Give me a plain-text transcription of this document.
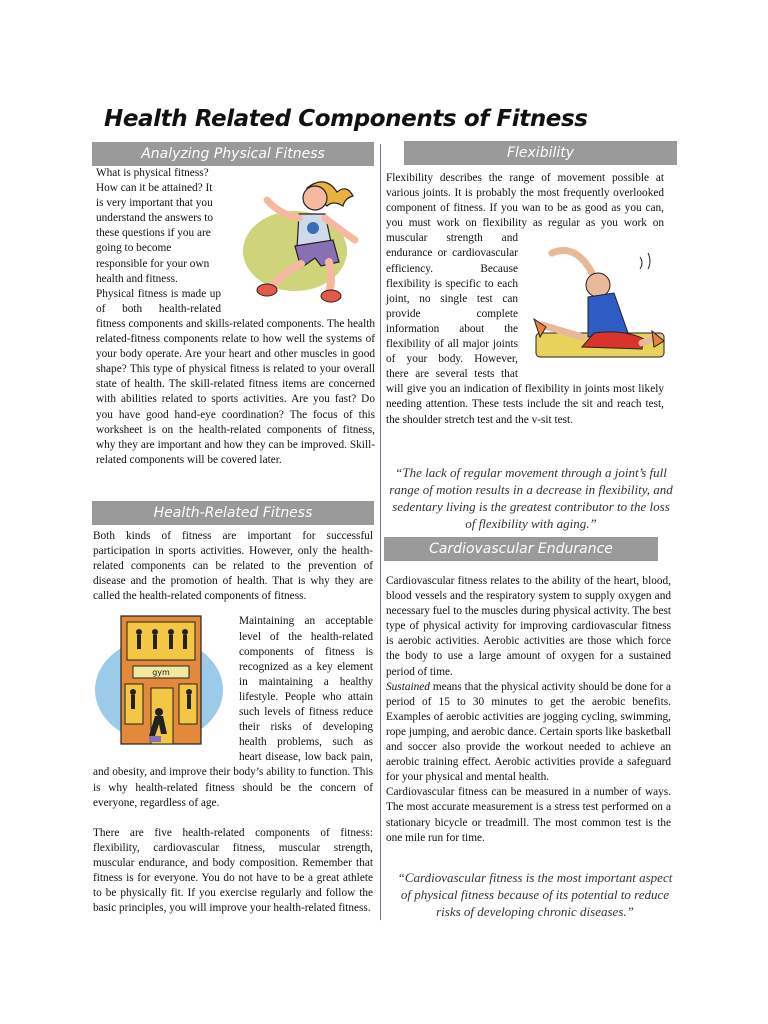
Health Related Components of Fitness
Analyzing Physical Fitness

What is physical fitness? How can it be attained? It is very important that you understand the answers to these questions if you are going to become responsible for your own health and fitness.

Physical fitness is made up of both health-related fitness components and skills-related components. The health related-fitness components relate to how well the systems of your body operate. Are your heart and other muscles in good shape? This type of physical fitness is related to your overall state of health. The skill-related fitness items are concerned with abilities related to sports activities. Are you fast? Do you have good hand-eye coordination? The focus of this worksheet is on the health-related components of fitness, why they are important and how they can be improved. Skill-related components will be covered later.

Health-Related Fitness

Both kinds of fitness are important for successful participation in sports activities. However, only the health-related components can be related to the prevention of disease and the promotion of health. That is why they are called the health-related components of fitness.

gym

Maintaining an acceptable level of the health-related components of fitness is recognized as a key element in maintaining a healthy lifestyle. People who attain such levels of fitness reduce their risks of developing health problems, such as heart disease, low back pain, and obesity, and improve their body’s ability to function. This is why health-related fitness should be the concern of everyone, regardless of age.

There are five health-related components of fitness: flexibility, cardiovascular fitness, muscular strength, muscular endurance, and body composition. Remember that fitness is for everyone. You do not have to be a great athlete to be physically fit. If you exercise regularly and follow the basic principles, you will improve your health-related fitness.

Flexibility

Flexibility describes the range of movement possible at various joints. It is probably the most frequently overlooked component of fitness. If you wan to be as good as you can, you must work on flexibility as regular as you work on muscular strength and endurance or cardiovascular efficiency. Because flexibility is specific to each joint, no single test can provide complete information about the flexibility of all major joints of your body. However, there are several tests that will give you an indication of flexibility in joints most likely needing attention. These tests include the sit and reach test, the shoulder stretch test and the v-sit test.

“The lack of regular movement through a joint’s full range of motion results in a decrease in flexibility, and sedentary living is the greatest contributor to the loss of flexibility with aging.”
Cardiovascular Endurance

Cardiovascular fitness relates to the ability of the heart, blood, blood vessels and the respiratory system to supply oxygen and necessary fuel to the muscles during physical activity. The best type of physical activity for improving cardiovascular fitness is aerobic activities. Aerobic activities are those which force the body to use a large amount of oxygen for a sustained period of time.

Sustained means that the physical activity should be done for a period of 15 to 30 minutes to get the aerobic benefits. Examples of aerobic activities are jogging cycling, swimming, rope jumping, and aerobic dance. Certain sports like basketball and soccer also provide the workout needed to achieve an aerobic training effect. Aerobic activities provide a safeguard for your physical and mental health.

Cardiovascular fitness can be measured in a number of ways. The most accurate measurement is a stress test performed on a stationary bicycle or treadmill. The most common test is the one mile run for time.

“Cardiovascular fitness is the most important aspect of physical fitness because of its potential to reduce risks of developing chronic diseases.”
